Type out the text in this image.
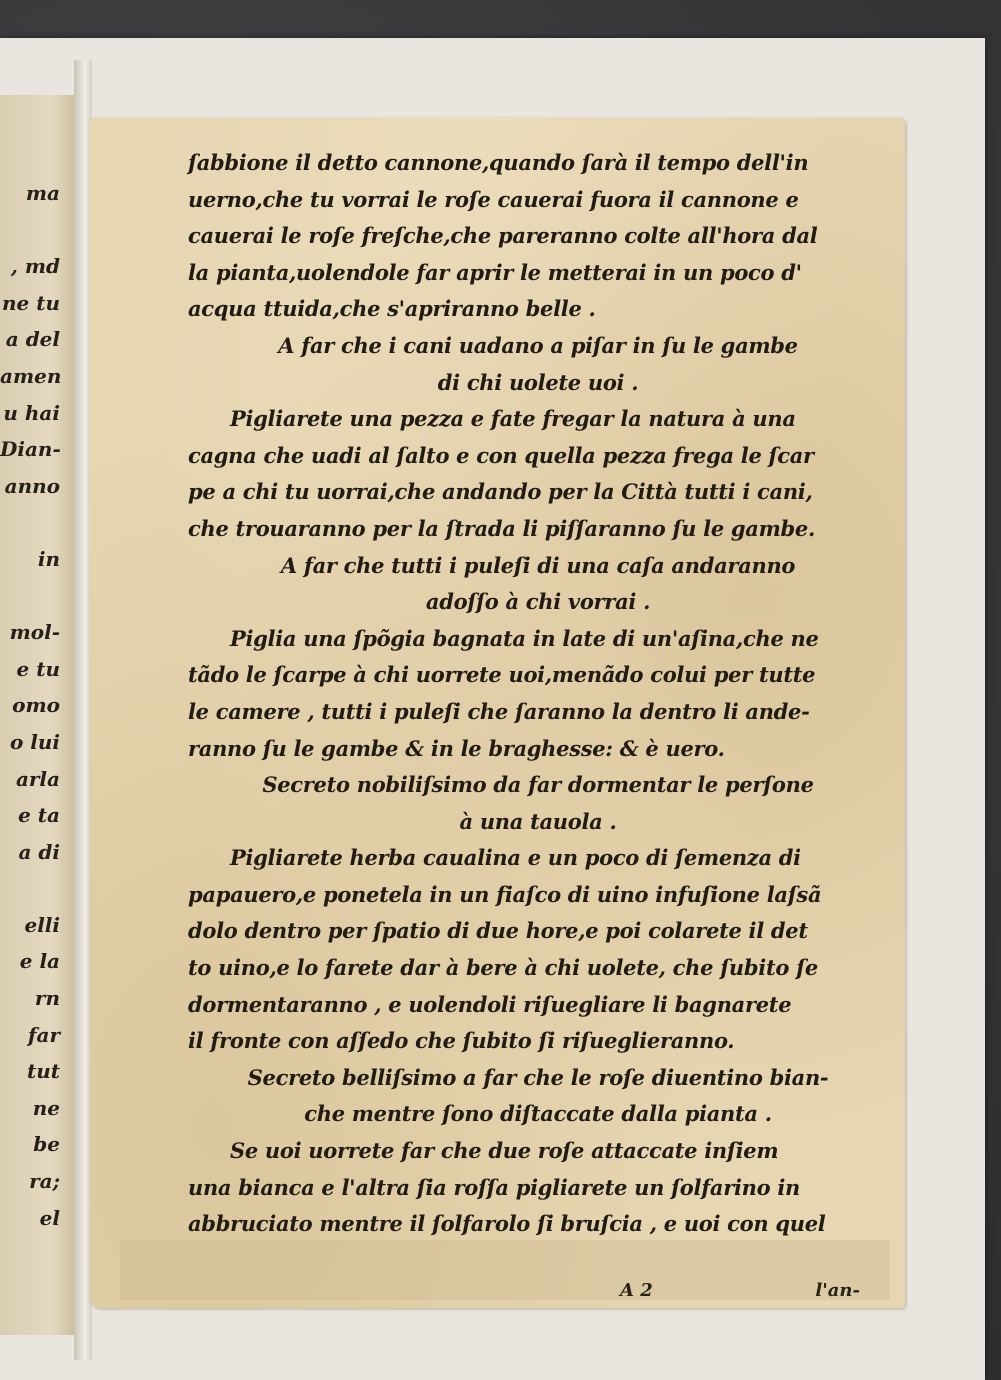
ma
, md
ne tu
a del
amen
u hai
Dian-
anno
in
mol-
e tu
omo
o lui
arla
e ta
a di
elli
e la
rn
far
tut
ne
be
ra;
el
ſabbione il detto cannone,quando ſarà il tempo dell'in
uerno,che tu vorrai le roſe cauerai fuora il cannone e
cauerai le roſe freſche,che pareranno colte all'hora dal
la pianta,uolendole far aprir le metterai in un poco d'
acqua ttuida,che s'apriranno belle .
A far che i cani uadano a piſar in ſu le gambe
di chi uolete uoi .
Pigliarete una pezza e fate fregar la natura à una
cagna che uadi al ſalto e con quella pezza frega le ſcar
pe a chi tu uorrai,che andando per la Città tutti i cani,
che trouaranno per la ſtrada li piſſaranno ſu le gambe.
A far che tutti i puleſi di una caſa andaranno
adoſſo à chi vorrai .
Piglia una ſpõgia bagnata in late di un'aſina,che ne
tãdo le ſcarpe à chi uorrete uoi,menãdo colui per tutte
le camere , tutti i puleſi che ſaranno la dentro li ande-
ranno ſu le gambe & in le braghesse: & è uero.
Secreto nobiliſsimo da far dormentar le perſone
à una tauola .
Pigliarete herba caualina e un poco di ſemenza di
papauero,e ponetela in un fiaſco di uino infuſione laſsã
dolo dentro per ſpatio di due hore,e poi colarete il det
to uino,e lo farete dar à bere à chi uolete, che ſubito ſe
dormentaranno , e uolendoli riſuegliare li bagnarete
il fronte con aſſedo che ſubito ſi riſueglieranno.
Secreto belliſsimo a far che le roſe diuentino bian-
che mentre ſono diſtaccate dalla pianta .
Se uoi uorrete far che due roſe attaccate inſiem
una bianca e l'altra ſia roſſa pigliarete un ſolfarino in
abbruciato mentre il ſolfarolo ſi bruſcia , e uoi con quel
A 2	l'an-
